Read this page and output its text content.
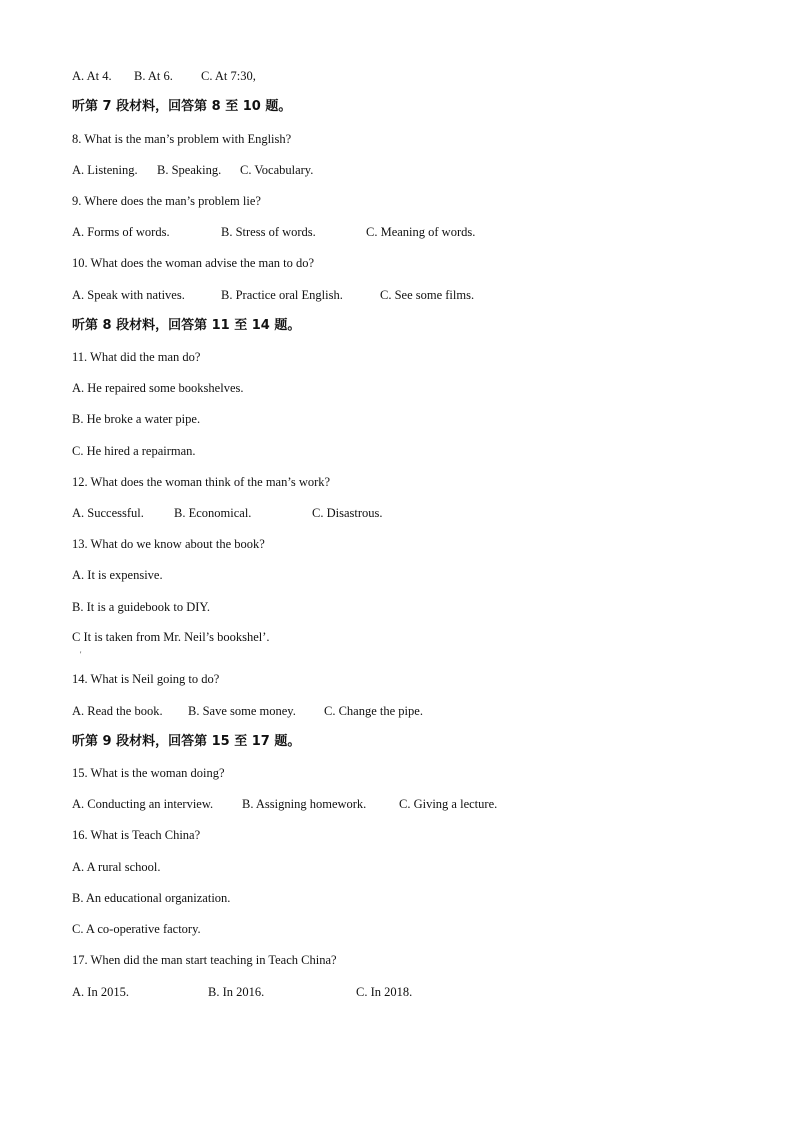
A. At 4. B. At 6. C. At 7:30,
听第 7 段材料，回答第 8 至 10 题。
8. What is the man’s problem with English?
A. Listening. B. Speaking. C. Vocabulary.
9. Where does the man’s problem lie?
A. Forms of words.	B. Stress of words.	C. Meaning of words.
10. What does the woman advise the man to do?
A. Speak with natives.	B. Practice oral English.	C. See some films.
听第 8 段材料，回答第 11 至 14 题。
11. What did the man do?
A. He repaired some bookshelves.
B. He broke a water pipe.
C. He hired a repairman.
12. What does the woman think of the man’s work?
A. Successful. B. Economical.	C. Disastrous.
13. What do we know about the book?
A. It is expensive.
B. It is a guidebook to DIY.
C It is taken from Mr. Neil’s bookshel’.
'
14. What is Neil going to do?
A. Read the book. B. Save some money. C. Change the pipe.
听第 9 段材料，回答第 15 至 17 题。
15. What is the woman doing?
A. Conducting an interview. B. Assigning homework.	C. Giving a lecture.
16. What is Teach China?
A. A rural school.
B. An educational organization.
C. A co-operative factory.
17. When did the man start teaching in Teach China?
A. In 2015.	B. In 2016.	C. In 2018.
